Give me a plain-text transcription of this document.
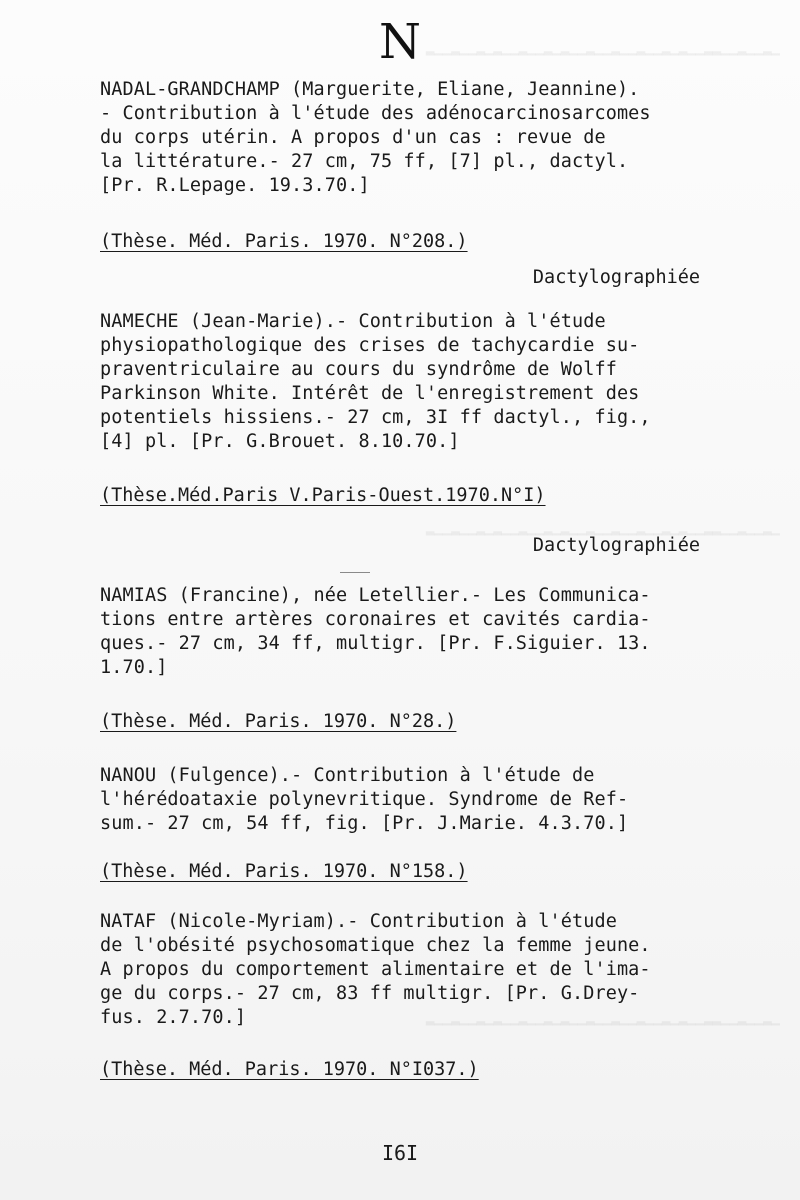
▁▂▁▁▂▁▁▂▂▁▁▂▁▂▁▁▂▁▁▂▁▁▂▁▁▂▁▂▁▁▂▁▁▂▁▂▁▁▂▁▁▂
▁▂▁▁▂▁▁▂▂▁▁▂▁▂▁▁▂▁▁▂▁▁▂▁▁▂▁▂▁▁▂▁▁▂▁▂▁▁▂▁▁▂
▁▂▁▁▂▁▁▂▂▁▁▂▁▂▁▁▂▁▁▂▁▁▂▁▁▂▁▂▁▁▂▁▁▂▁▂▁▁▂▁▁▂
N
NADAL-GRANDCHAMP (Marguerite, Eliane, Jeannine).
- Contribution à l'étude des adénocarcinosarcomes
du corps utérin. A propos d'un cas : revue de
la littérature.- 27 cm, 75 ff, [7] pl., dactyl.
[Pr. R.Lepage. 19.3.70.]
(Thèse. Méd. Paris. 1970. N°208.)
Dactylographiée
NAMECHE (Jean-Marie).- Contribution à l'étude
physiopathologique des crises de tachycardie su-
praventriculaire au cours du syndrôme de Wolff
Parkinson White. Intérêt de l'enregistrement des
potentiels hissiens.- 27 cm, 3I ff dactyl., fig.,
[4] pl. [Pr. G.Brouet. 8.10.70.]
(Thèse.Méd.Paris V.Paris-Ouest.1970.N°I)
Dactylographiée
NAMIAS (Francine), née Letellier.- Les Communica-
tions entre artères coronaires et cavités cardia-
ques.- 27 cm, 34 ff, multigr. [Pr. F.Siguier. 13.
1.70.]
(Thèse. Méd. Paris. 1970. N°28.)
NANOU (Fulgence).- Contribution à l'étude de
l'hérédoataxie polynevritique. Syndrome de Ref-
sum.- 27 cm, 54 ff, fig. [Pr. J.Marie. 4.3.70.]
(Thèse. Méd. Paris. 1970. N°158.)
NATAF (Nicole-Myriam).- Contribution à l'étude
de l'obésité psychosomatique chez la femme jeune.
A propos du comportement alimentaire et de l'ima-
ge du corps.- 27 cm, 83 ff multigr. [Pr. G.Drey-
fus. 2.7.70.]
(Thèse. Méd. Paris. 1970. N°I037.)
I6I
